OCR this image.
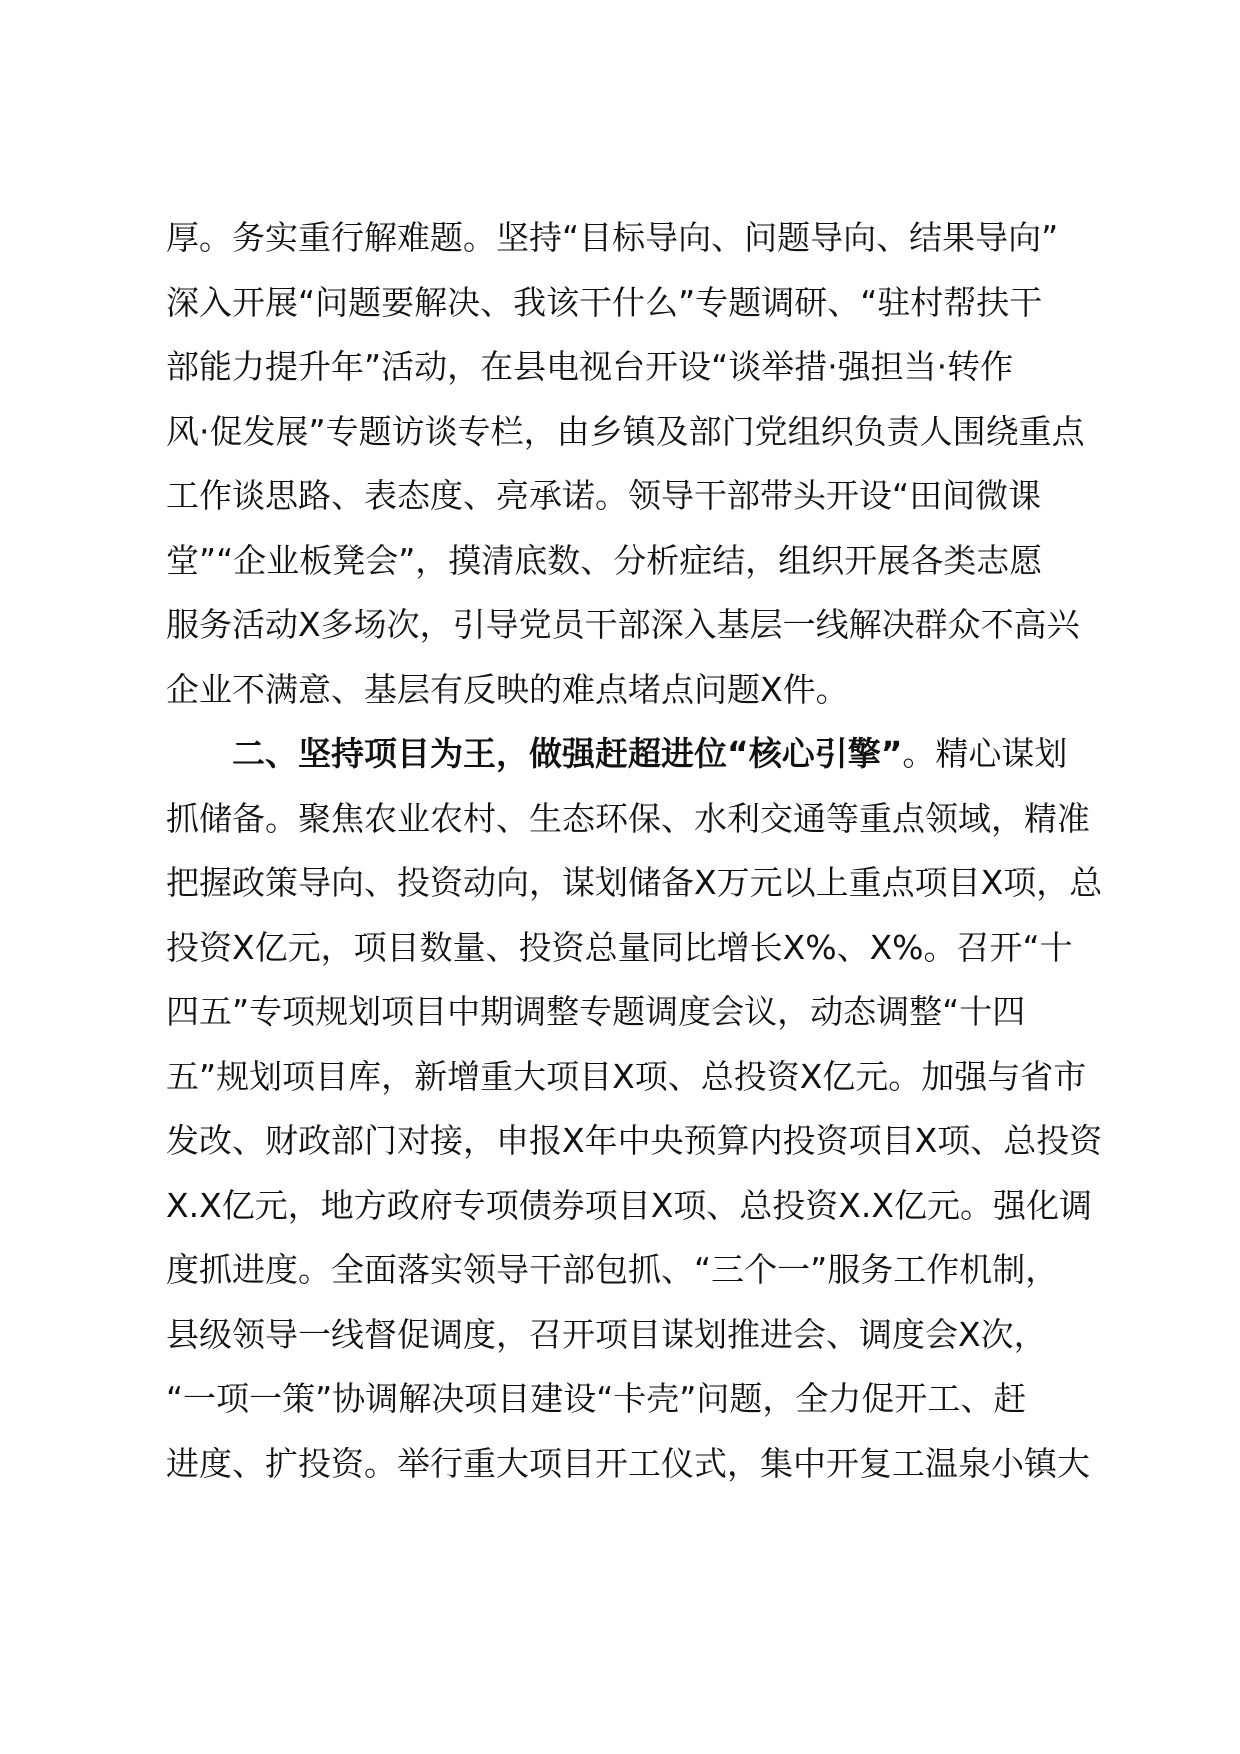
厚。务实重行解难题。坚持“目标导向、问题导向、结果导向”
深入开展“问题要解决、我该干什么”专题调研、“驻村帮扶干
部能力提升年”活动，在县电视台开设“谈举措·强担当·转作
风·促发展”专题访谈专栏，由乡镇及部门党组织负责人围绕重点
工作谈思路、表态度、亮承诺。领导干部带头开设“田间微课
堂”“企业板凳会”，摸清底数、分析症结，组织开展各类志愿
服务活动X多场次，引导党员干部深入基层一线解决群众不高兴
企业不满意、基层有反映的难点堵点问题X件。
二、坚持项目为王，做强赶超进位“核心引擎”。精心谋划
抓储备。聚焦农业农村、生态环保、水利交通等重点领域，精准
把握政策导向、投资动向，谋划储备X万元以上重点项目X项，总
投资X亿元，项目数量、投资总量同比增长X%、X%。召开“十
四五”专项规划项目中期调整专题调度会议，动态调整“十四
五”规划项目库，新增重大项目X项、总投资X亿元。加强与省市
发改、财政部门对接，申报X年中央预算内投资项目X项、总投资
X.X亿元，地方政府专项债券项目X项、总投资X.X亿元。强化调
度抓进度。全面落实领导干部包抓、“三个一”服务工作机制，
县级领导一线督促调度，召开项目谋划推进会、调度会X次，
“一项一策”协调解决项目建设“卡壳”问题，全力促开工、赶
进度、扩投资。举行重大项目开工仪式，集中开复工温泉小镇大
